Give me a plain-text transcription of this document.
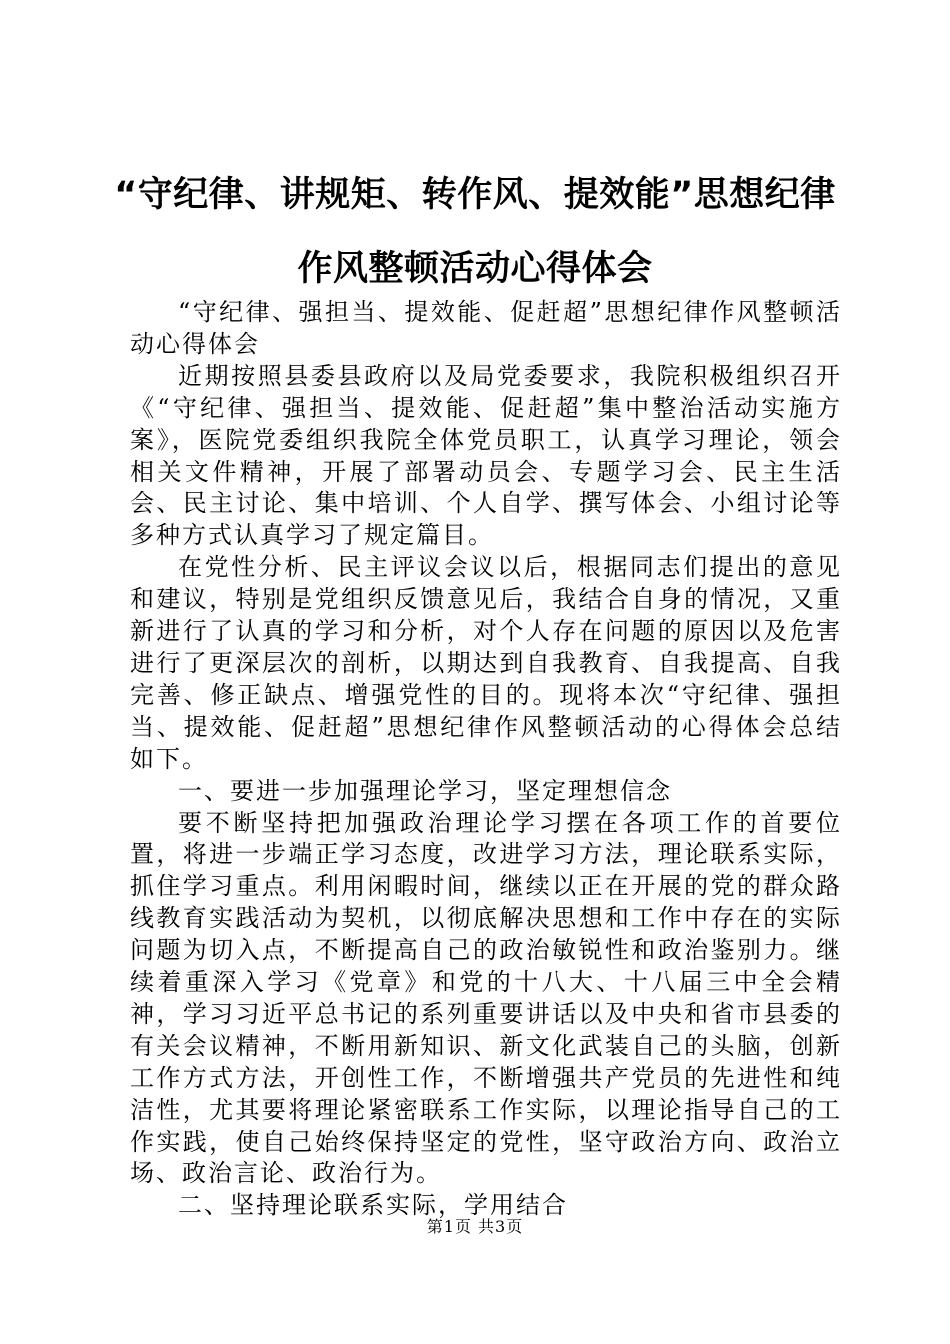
“守纪律、讲规矩、转作风、提效能”思想纪律作风整顿活动心得体会

“守纪律、强担当、提效能、促赶超”思想纪律作风整顿活动心得体会

近期按照县委县政府以及局党委要求，我院积极组织召开《“守纪律、强担当、提效能、促赶超”集中整治活动实施方案》，医院党委组织我院全体党员职工，认真学习理论，领会相关文件精神，开展了部署动员会、专题学习会、民主生活会、民主讨论、集中培训、个人自学、撰写体会、小组讨论等多种方式认真学习了规定篇目。

在党性分析、民主评议会议以后，根据同志们提出的意见和建议，特别是党组织反馈意见后，我结合自身的情况，又重新进行了认真的学习和分析，对个人存在问题的原因以及危害进行了更深层次的剖析，以期达到自我教育、自我提高、自我完善、修正缺点、增强党性的目的。现将本次“守纪律、强担当、提效能、促赶超”思想纪律作风整顿活动的心得体会总结如下。

一、要进一步加强理论学习，坚定理想信念

要不断坚持把加强政治理论学习摆在各项工作的首要位置，将进一步端正学习态度，改进学习方法，理论联系实际，抓住学习重点。利用闲暇时间，继续以正在开展的党的群众路线教育实践活动为契机，以彻底解决思想和工作中存在的实际问题为切入点，不断提高自己的政治敏锐性和政治鉴别力。继续着重深入学习《党章》和党的十八大、十八届三中全会精神，学习习近平总书记的系列重要讲话以及中央和省市县委的有关会议精神，不断用新知识、新文化武装自己的头脑，创新工作方式方法，开创性工作，不断增强共产党员的先进性和纯洁性，尤其要将理论紧密联系工作实际，以理论指导自己的工作实践，使自己始终保持坚定的党性，坚守政治方向、政治立场、政治言论、政治行为。

二、坚持理论联系实际，学用结合

第1页 共3页
